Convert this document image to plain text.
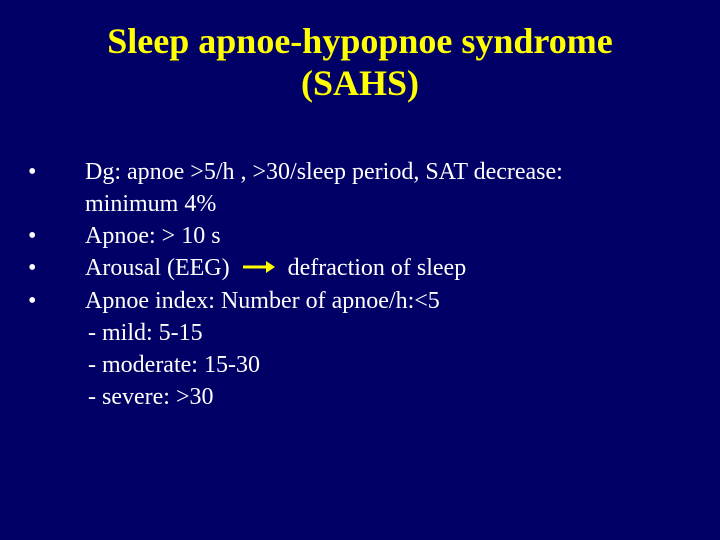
Sleep apnoe-hypopnoe syndrome
(SAHS)
•	Dg: apnoe >5/h , >30/sleep period, SAT decrease:
minimum 4%
•	Apnoe: > 10 s
•	Arousal (EEG) defraction of sleep
•	Apnoe index: Number of apnoe/h:<5
- mild: 5-15
- moderate: 15-30
- severe: >30
